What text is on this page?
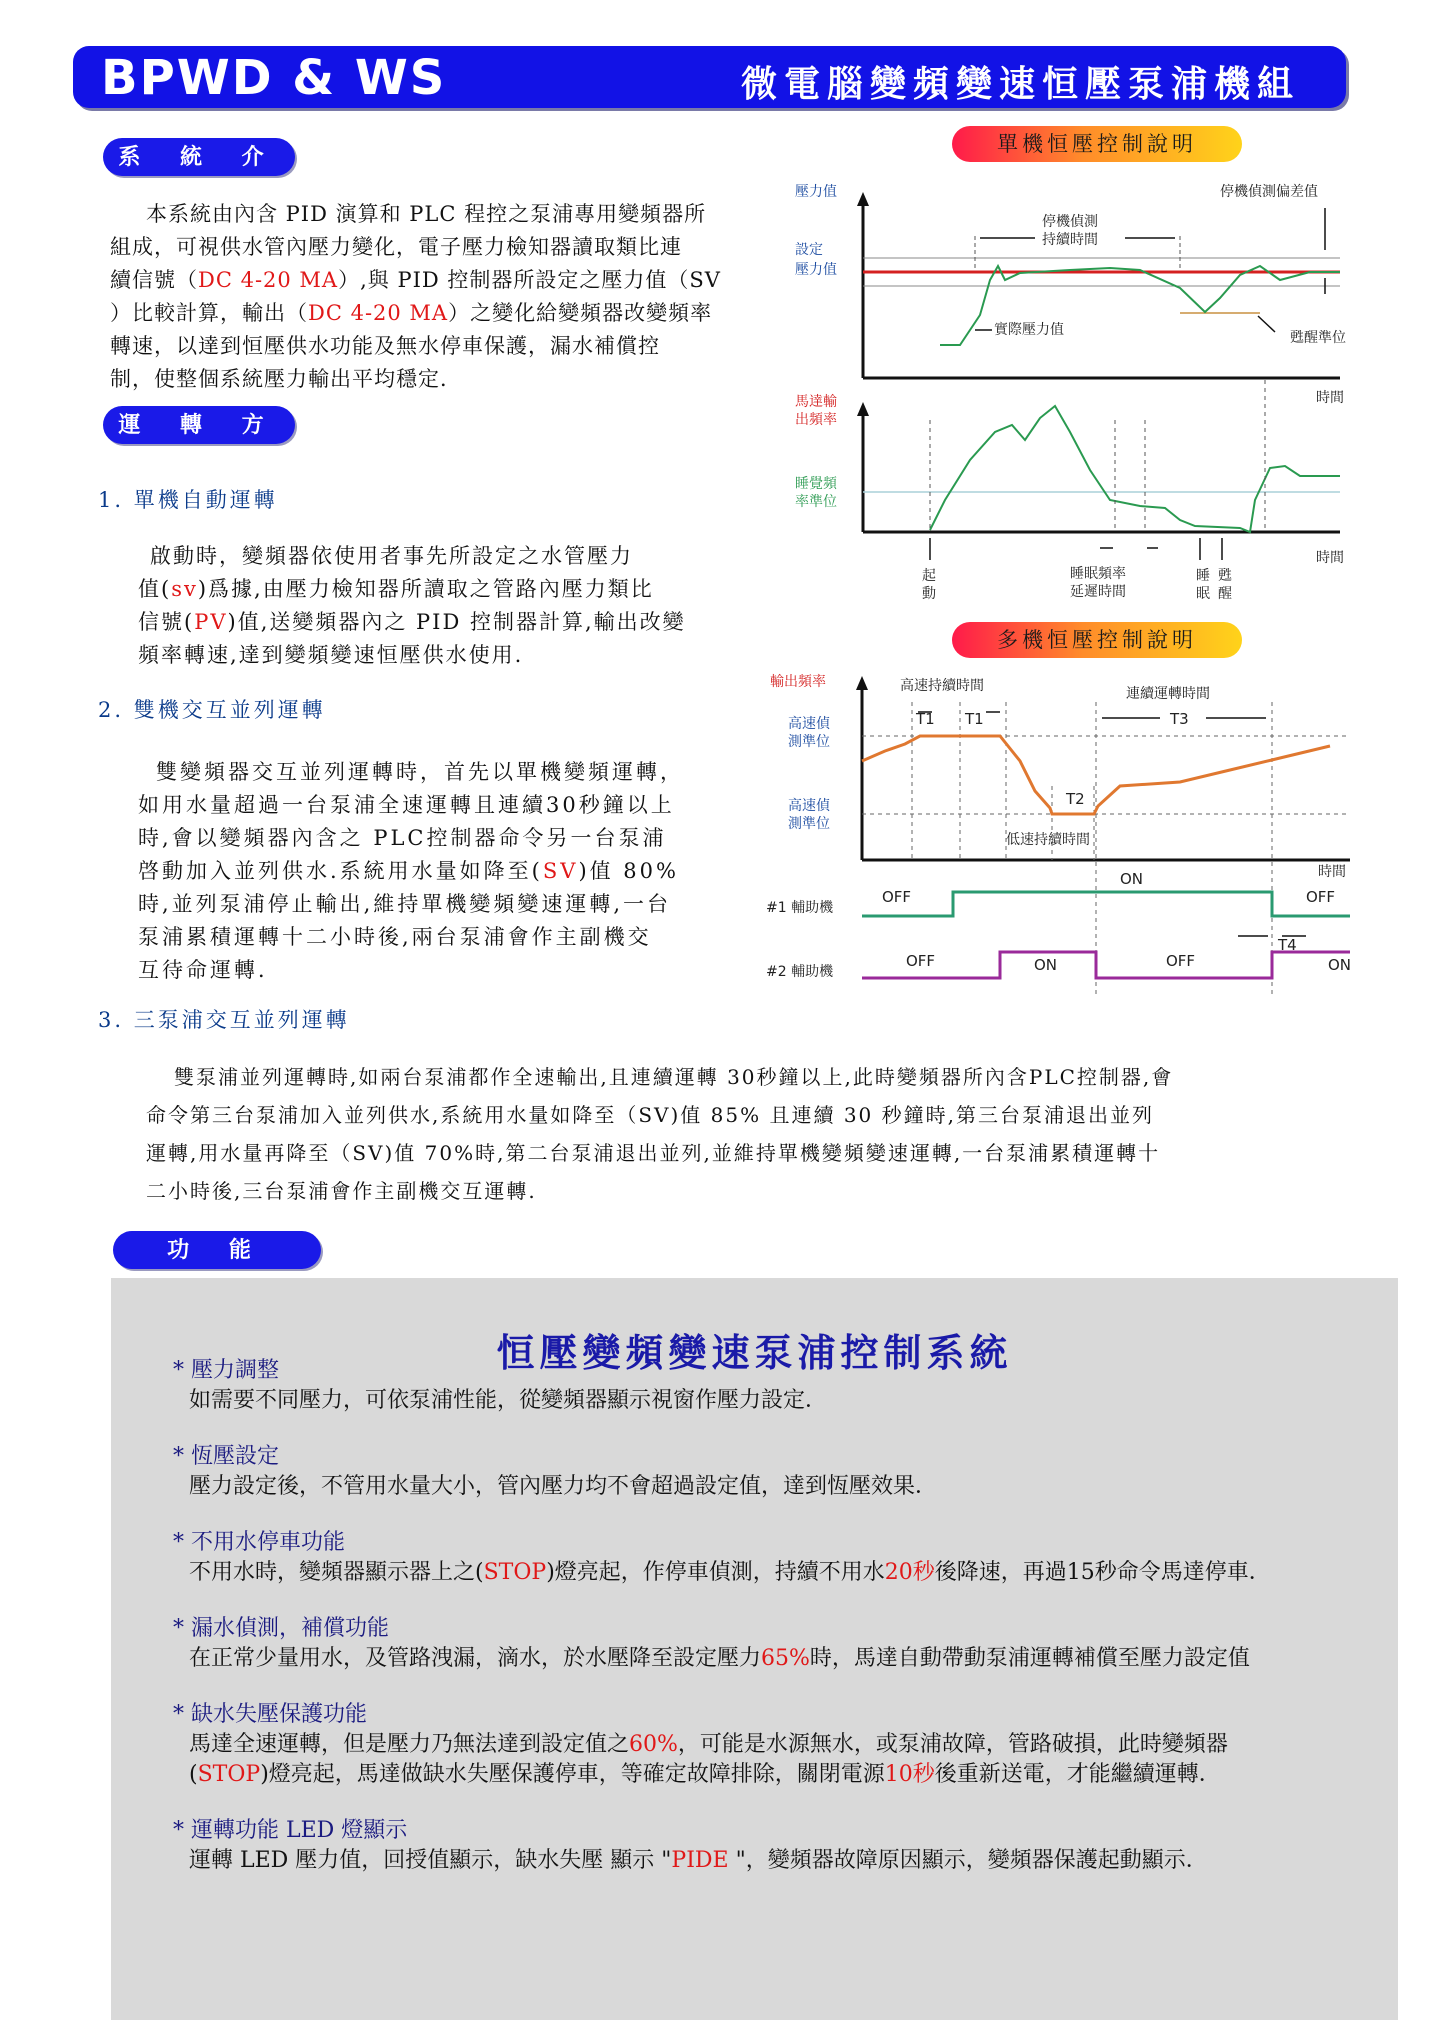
BPWD & WS	微電腦變頻變速恒壓泵浦機組
系 統 介 紹
本系統由內含 PID 演算和 PLC 程控之泵浦專用變頻器所
組成，可視供水管內壓力變化，電子壓力檢知器讀取類比連
續信號（DC 4-20 MA）,與 PID 控制器所設定之壓力值（SV
）比較計算，輸出（DC 4-20 MA）之變化給變頻器改變頻率
轉速，以達到恒壓供水功能及無水停車保護，漏水補償控
制，使整個系統壓力輸出平均穩定．
運 轉 方 式
1. 單機自動運轉
啟動時，變頻器依使用者事先所設定之水管壓力
值(sv)爲據,由壓力檢知器所讀取之管路內壓力類比
信號(PV)值,送變頻器內之 PID 控制器計算,輸出改變
頻率轉速,達到變頻變速恒壓供水使用.
2. 雙機交互並列運轉
雙變頻器交互並列運轉時，首先以單機變頻運轉，
如用水量超過一台泵浦全速運轉且連續30秒鐘以上
時,會以變頻器內含之 PLC控制器命令另一台泵浦
啓動加入並列供水.系統用水量如降至(SV)值 80%
時,並列泵浦停止輸出,維持單機變頻變速運轉,一台
泵浦累積運轉十二小時後,兩台泵浦會作主副機交
互待命運轉．
3. 三泵浦交互並列運轉
雙泵浦並列運轉時,如兩台泵浦都作全速輸出,且連續運轉 30秒鐘以上,此時變頻器所內含PLC控制器,會
命令第三台泵浦加入並列供水,系統用水量如降至（SV)值 85% 且連續 30 秒鐘時,第三台泵浦退出並列
運轉,用水量再降至（SV)值 70%時,第二台泵浦退出並列,並維持單機變頻變速運轉,一台泵浦累積運轉十
二小時後,三台泵浦會作主副機交互運轉.
單機恒壓控制說明
壓力值
設定
壓力值
停機偵測
持續時間
停機偵測偏差值
實際壓力值	甦醒準位
時間
馬達輸
出頻率
睡覺頻
率準位
起
動
睡眠頻率
延遲時間
睡
眠
甦
醒
時間
多機恒壓控制說明
輸出頻率
高速偵
測準位
高速偵
測準位
高速持續時間	連續運轉時間
低速持續時間
時間
#1 輔助機
#2 輔助機
T1 T1
T2
T3
T4
OFF
ON
OFF
OFF	ON	OFF	ON
功 能
恒壓變頻變速泵浦控制系統
* 壓力調整
如需要不同壓力，可依泵浦性能，從變頻器顯示視窗作壓力設定．
* 恆壓設定
壓力設定後，不管用水量大小，管內壓力均不會超過設定值，達到恆壓效果．
* 不用水停車功能
不用水時，變頻器顯示器上之(STOP)燈亮起，作停車偵測，持續不用水20秒後降速，再過15秒命令馬達停車．
* 漏水偵測，補償功能
在正常少量用水，及管路洩漏，滴水，於水壓降至設定壓力65%時，馬達自動帶動泵浦運轉補償至壓力設定值
* 缺水失壓保護功能
馬達全速運轉，但是壓力乃無法達到設定值之60%，可能是水源無水，或泵浦故障，管路破損，此時變頻器
(STOP)燈亮起，馬達做缺水失壓保護停車，等確定故障排除，關閉電源10秒後重新送電，才能繼續運轉．
* 運轉功能 LED 燈顯示
運轉 LED 壓力值，回授值顯示，缺水失壓 顯示 "PIDE "，變頻器故障原因顯示，變頻器保護起動顯示．
